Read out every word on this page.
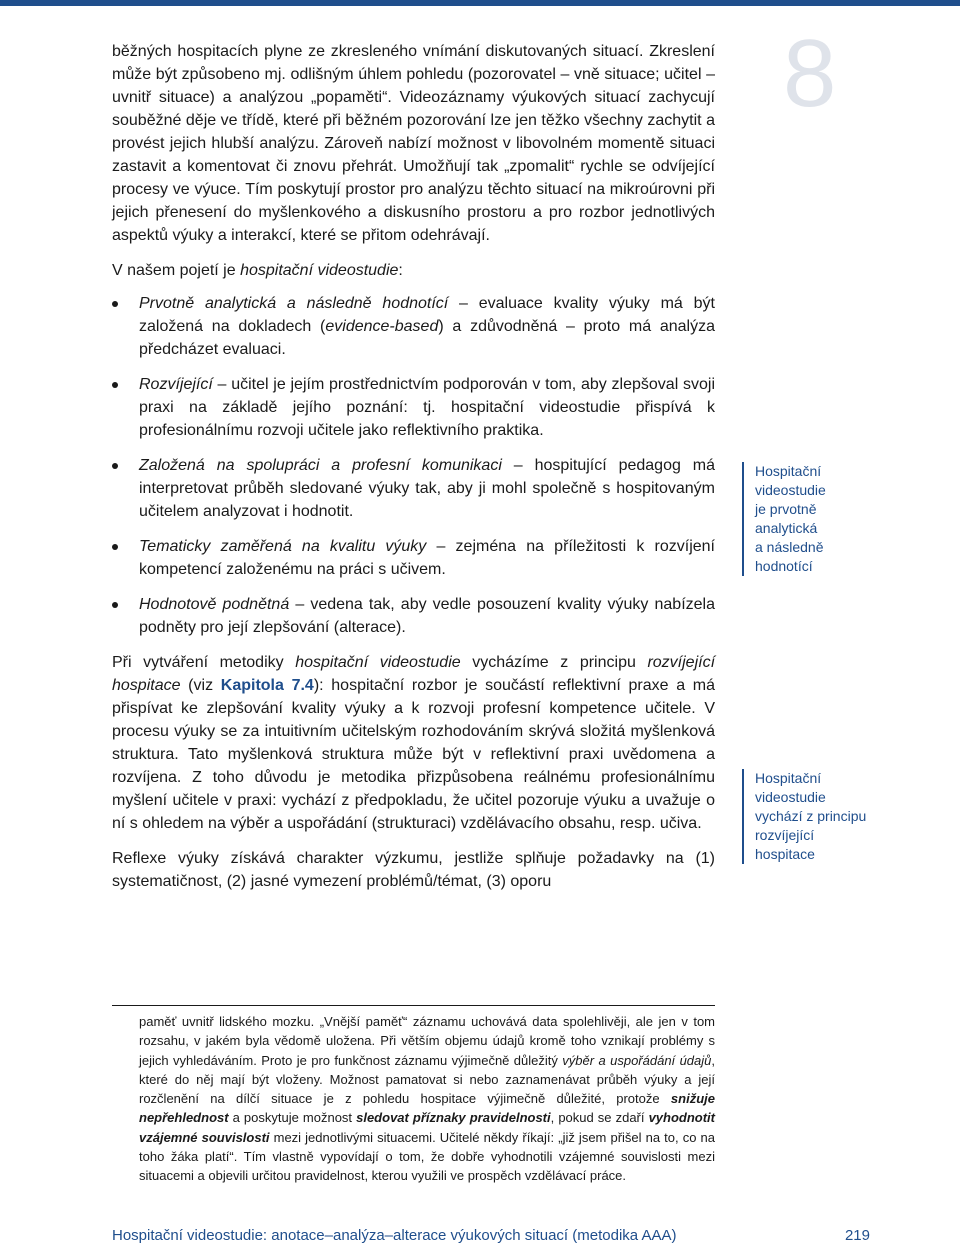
8

běžných hospitacích plyne ze zkresleného vnímání diskutovaných situací. Zkreslení může být způsobeno mj. odlišným úhlem pohledu (pozorovatel – vně situace; učitel – uvnitř situace) a analýzou „popaměti“. Videozáznamy výukových situací zachycují souběžné děje ve třídě, které při běžném pozorování lze jen těžko všechny zachytit a provést jejich hlubší analýzu. Zároveň nabízí možnost v libovolném momentě situaci zastavit a komentovat či znovu přehrát. Umožňují tak „zpomalit“ rychle se odvíjející procesy ve výuce. Tím poskytují prostor pro analýzu těchto situací na mikroúrovni při jejich přenesení do myšlenkového a diskusního prostoru a pro rozbor jednotlivých aspektů výuky a interakcí, které se přitom odehrávají.

V našem pojetí je hospitační videostudie:

Prvotně analytická a následně hodnotící – evaluace kvality výuky má být založená na dokladech (evidence-based) a zdůvodněná – proto má analýza předcházet evaluaci.
Rozvíjející – učitel je jejím prostřednictvím podporován v tom, aby zlepšoval svoji praxi na základě jejího poznání: tj. hospitační videostudie přispívá k profesionálnímu rozvoji učitele jako reflektivního praktika.
Založená na spolupráci a profesní komunikaci – hospitující pedagog má interpretovat průběh sledované výuky tak, aby ji mohl společně s hospitovaným učitelem analyzovat i hodnotit.
Tematicky zaměřená na kvalitu výuky – zejména na příležitosti k rozvíjení kompetencí založenému na práci s učivem.
Hodnotově podnětná – vedena tak, aby vedle posouzení kvality výuky nabízela podněty pro její zlepšování (alterace).

Při vytváření metodiky hospitační videostudie vycházíme z principu rozvíjející hospitace (viz Kapitola 7.4): hospitační rozbor je součástí reflektivní praxe a má přispívat ke zlepšování kvality výuky a k rozvoji profesní kompetence učitele. V procesu výuky se za intuitivním učitelským rozhodováním skrývá složitá myšlenková struktura. Tato myšlenková struktura může být v reflektivní praxi uvědomena a rozvíjena. Z toho důvodu je metodika přizpůsobena reálnému profesionálnímu myšlení učitele v praxi: vychází z předpokladu, že učitel pozoruje výuku a uvažuje o ní s ohledem na výběr a uspořádání (strukturaci) vzdělávacího obsahu, resp. učiva.

Reflexe výuky získává charakter výzkumu, jestliže splňuje požadavky na (1) systematičnost, (2) jasné vymezení problémů/témat, (3) oporu

Hospitační
videostudie
je prvotně
analytická
a následně
hodnotící
Hospitační
videostudie
vychází z principu
rozvíjející
hospitace
paměť uvnitř lidského mozku. „Vnější paměť“ záznamu uchovává data spolehlivěji, ale jen v tom rozsahu, v jakém byla vědomě uložena. Při větším objemu údajů kromě toho vznikají problémy s jejich vyhledáváním. Proto je pro funkčnost záznamu výjimečně důležitý výběr a uspořádání údajů, které do něj mají být vloženy. Možnost pamatovat si nebo zaznamenávat průběh výuky a její rozčlenění na dílčí situace je z pohledu hospitace výjimečně důležité, protože snižuje nepřehlednost a poskytuje možnost sledovat příznaky pravidelnosti, pokud se zdaří vyhodnotit vzájemné souvislosti mezi jednotlivými situacemi. Učitelé někdy říkají: „již jsem přišel na to, co na toho žáka platí“. Tím vlastně vypovídají o tom, že dobře vyhodnotili vzájemné souvislosti mezi situacemi a objevili určitou pravidelnost, kterou využili ve prospěch vzdělávací práce.
Hospitační videostudie: anotace–analýza–alterace výukových situací (metodika AAA)	219
